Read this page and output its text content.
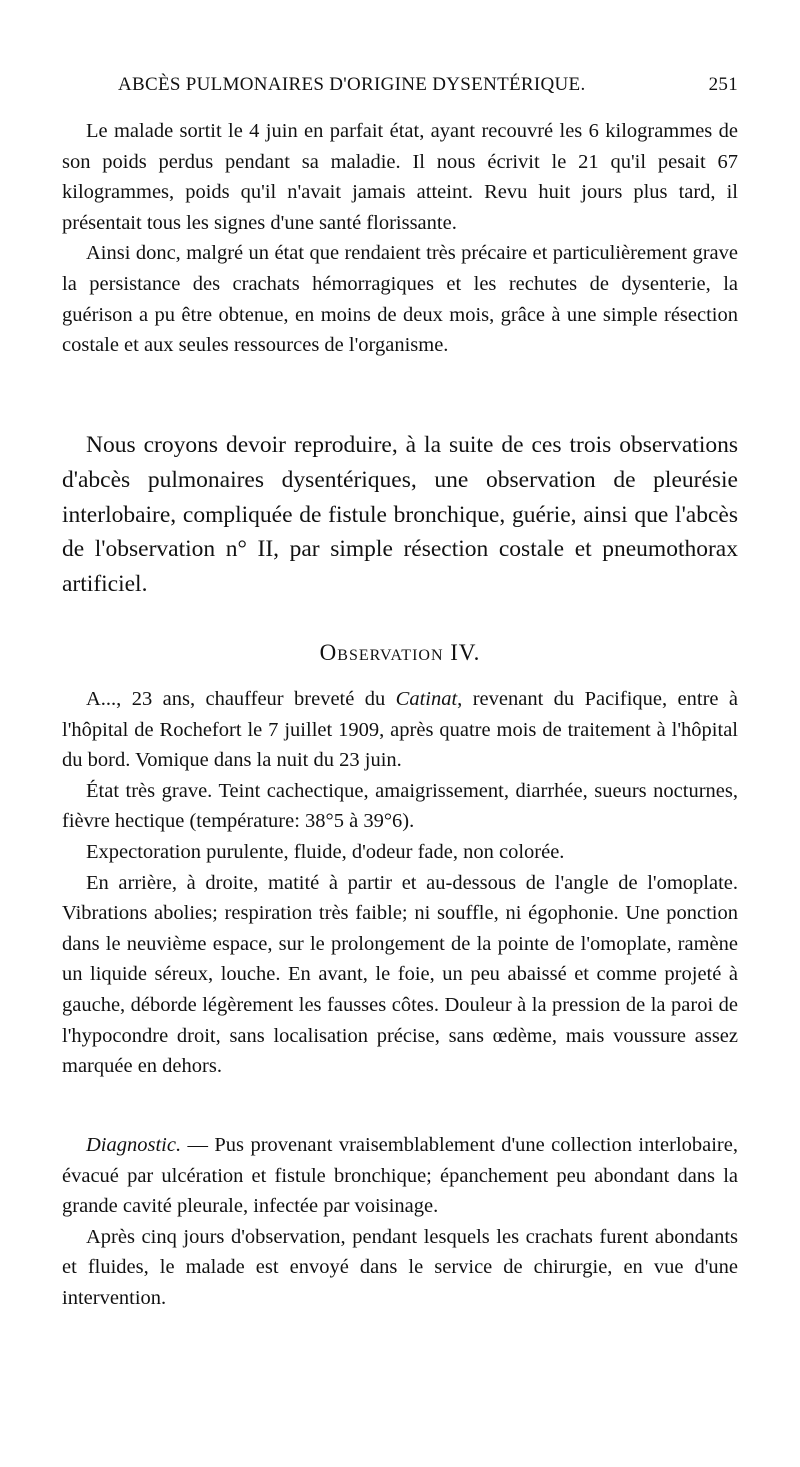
ABCÈS PULMONAIRES D'ORIGINE DYSENTÉRIQUE.	251

Le malade sortit le 4 juin en parfait état, ayant recouvré les 6 kilogrammes de son poids perdus pendant sa maladie. Il nous écrivit le 21 qu'il pesait 67 kilogrammes, poids qu'il n'avait jamais atteint. Revu huit jours plus tard, il présentait tous les signes d'une santé florissante.

Ainsi donc, malgré un état que rendaient très précaire et particulièrement grave la persistance des crachats hémorragiques et les rechutes de dysenterie, la guérison a pu être obtenue, en moins de deux mois, grâce à une simple résection costale et aux seules ressources de l'organisme.

Nous croyons devoir reproduire, à la suite de ces trois observations d'abcès pulmonaires dysentériques, une observation de pleurésie interlobaire, compliquée de fistule bronchique, guérie, ainsi que l'abcès de l'observation n° II, par simple résection costale et pneumothorax artificiel.

Observation IV.

A..., 23 ans, chauffeur breveté du Catinat, revenant du Pacifique, entre à l'hôpital de Rochefort le 7 juillet 1909, après quatre mois de traitement à l'hôpital du bord. Vomique dans la nuit du 23 juin.

État très grave. Teint cachectique, amaigrissement, diarrhée, sueurs nocturnes, fièvre hectique (température: 38°5 à 39°6).

Expectoration purulente, fluide, d'odeur fade, non colorée.

En arrière, à droite, matité à partir et au-dessous de l'angle de l'omoplate. Vibrations abolies; respiration très faible; ni souffle, ni égophonie. Une ponction dans le neuvième espace, sur le prolongement de la pointe de l'omoplate, ramène un liquide séreux, louche. En avant, le foie, un peu abaissé et comme projeté à gauche, déborde légèrement les fausses côtes. Douleur à la pression de la paroi de l'hypocondre droit, sans localisation précise, sans œdème, mais voussure assez marquée en dehors.

Diagnostic. — Pus provenant vraisemblablement d'une collection interlobaire, évacué par ulcération et fistule bronchique; épanchement peu abondant dans la grande cavité pleurale, infectée par voisinage.

Après cinq jours d'observation, pendant lesquels les crachats furent abondants et fluides, le malade est envoyé dans le service de chirurgie, en vue d'une intervention.
